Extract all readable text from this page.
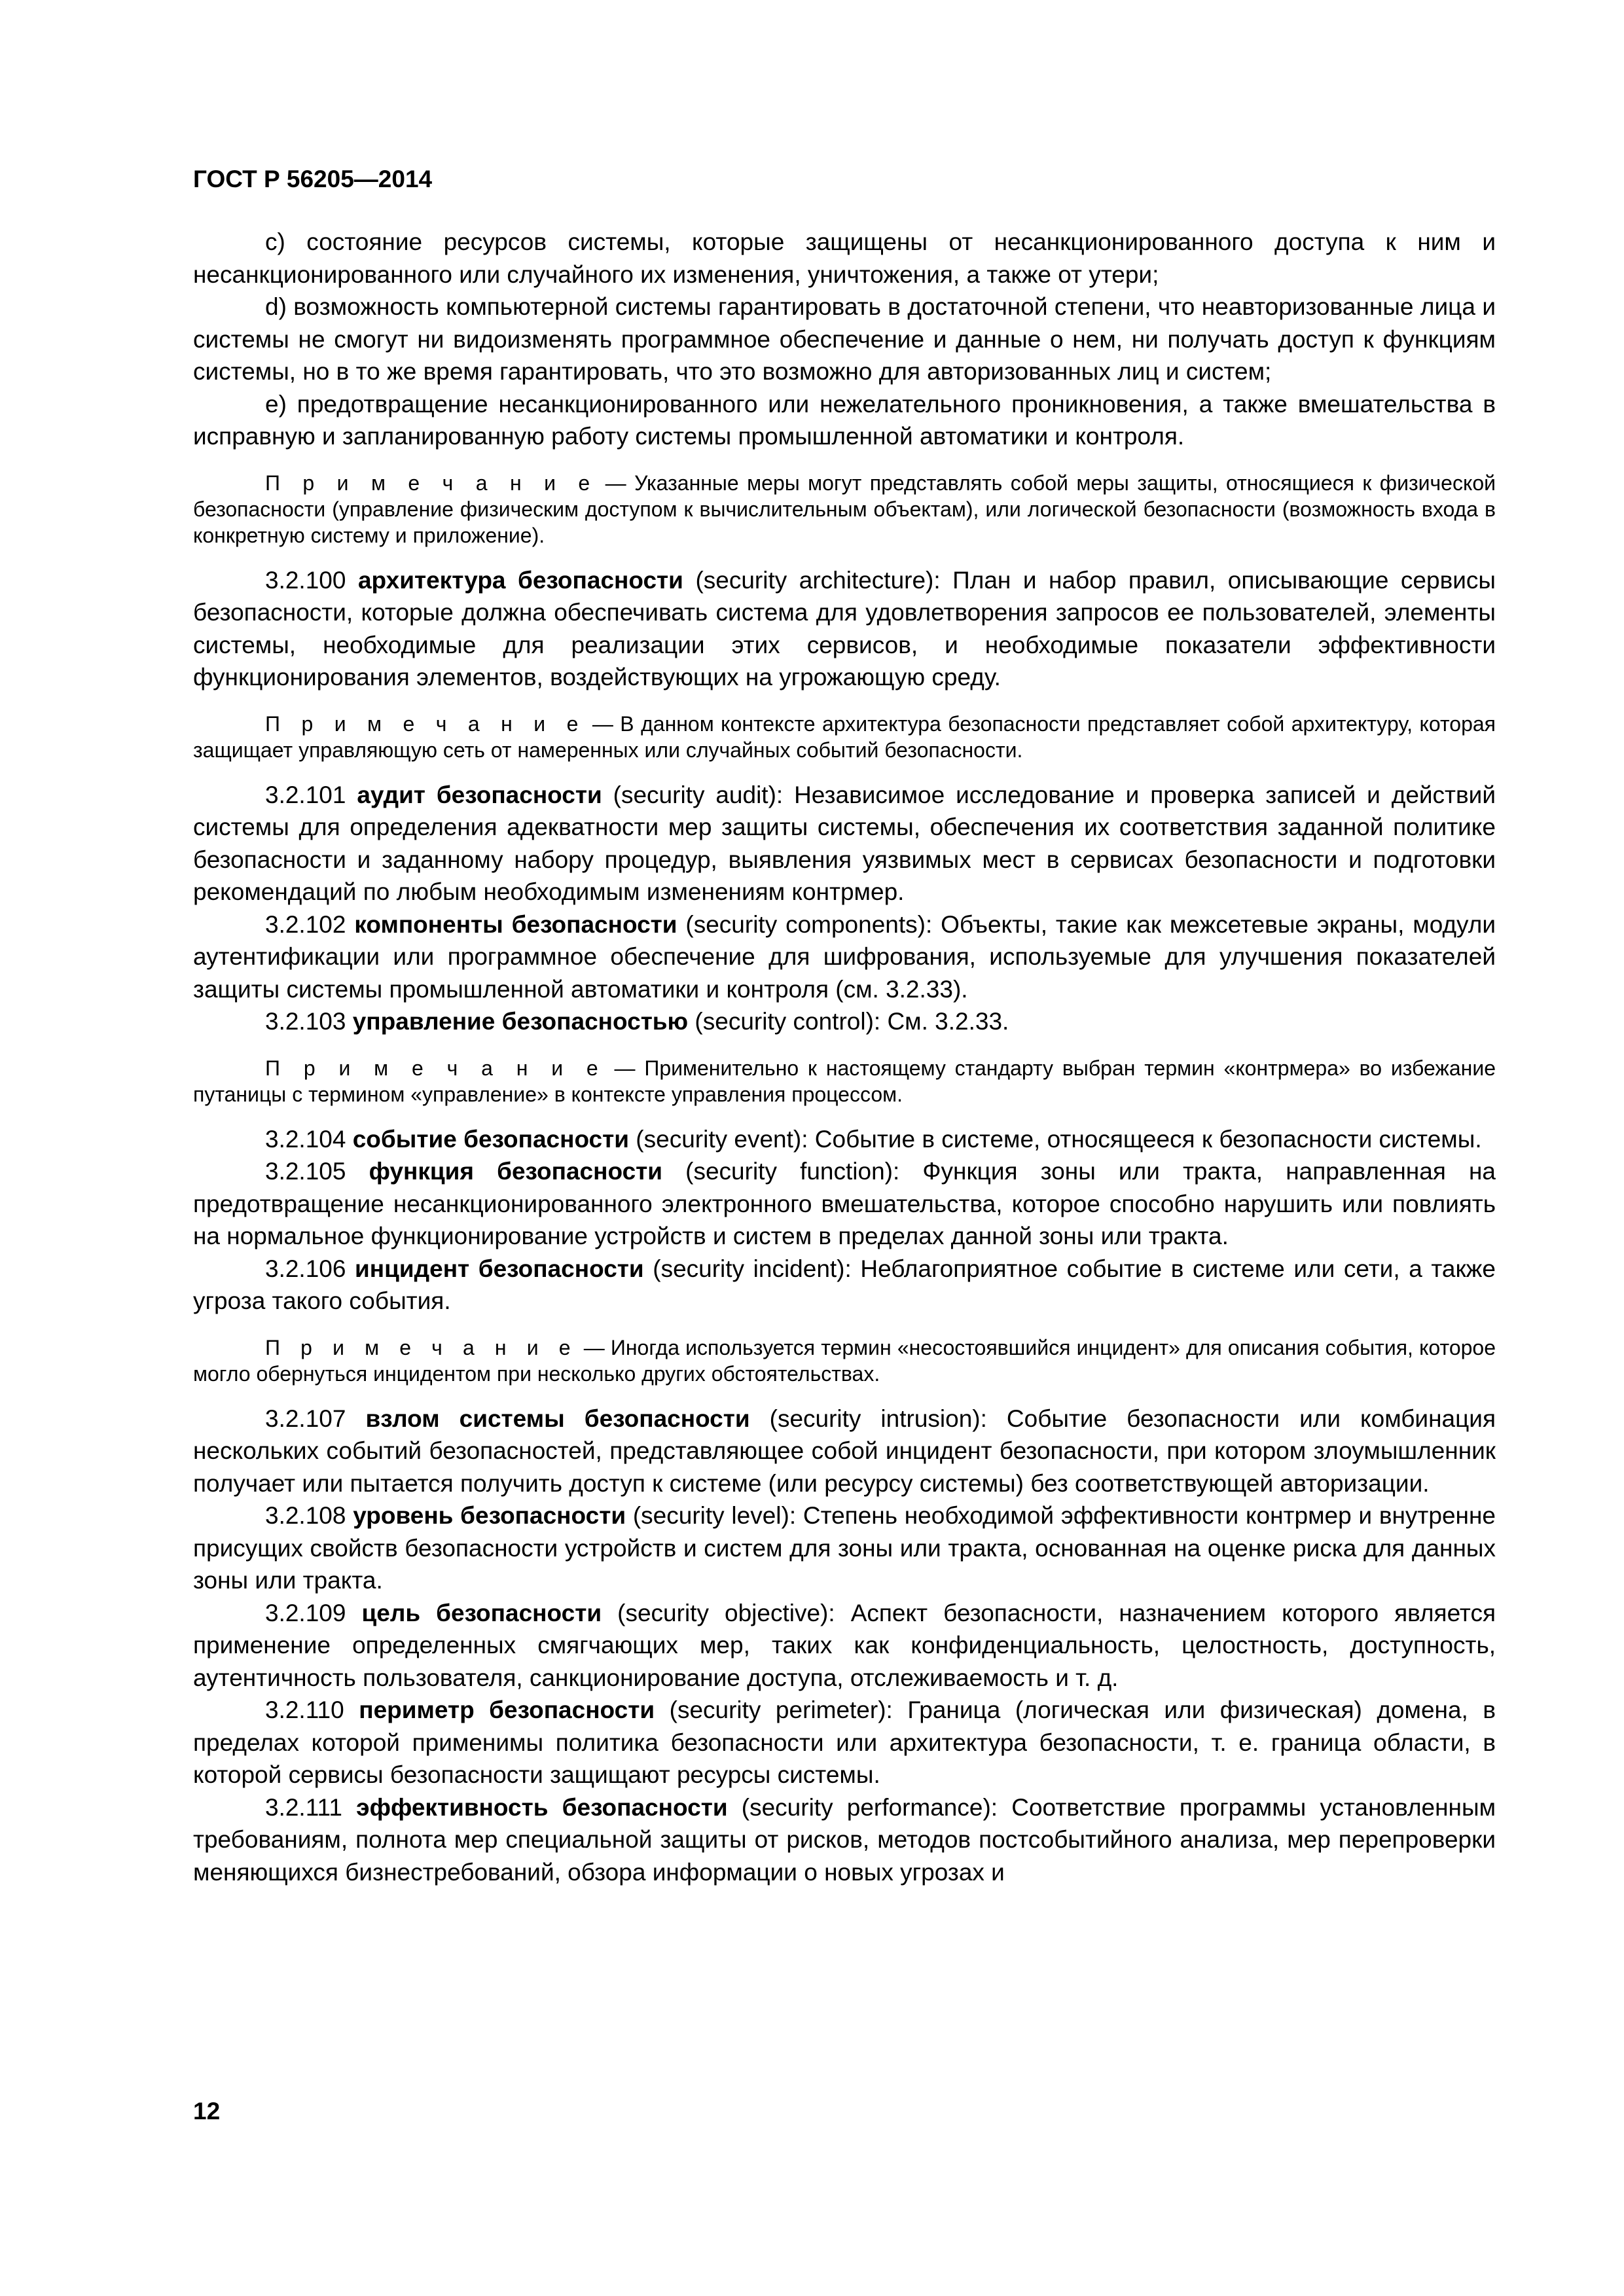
ГОСТ Р 56205—2014

c) состояние ресурсов системы, которые защищены от несанкционированного доступа к ним и несанкционированного или случайного их изменения, уничтожения, а также от утери;

d) возможность компьютерной системы гарантировать в достаточной степени, что неавторизованные лица и системы не смогут ни видоизменять программное обеспечение и данные о нем, ни получать доступ к функциям системы, но в то же время гарантировать, что это возможно для авторизованных лиц и систем;

e) предотвращение несанкционированного или нежелательного проникновения, а также вмешательства в исправную и запланированную работу системы промышленной автоматики и контроля.

П р и м е ч а н и е — Указанные меры могут представлять собой меры защиты, относящиеся к физической безопасности (управление физическим доступом к вычислительным объектам), или логической безопасности (возможность входа в конкретную систему и приложение).

3.2.100 архитектура безопасности (security architecture): План и набор правил, описывающие сервисы безопасности, которые должна обеспечивать система для удовлетворения запросов ее пользователей, элементы системы, необходимые для реализации этих сервисов, и необходимые показатели эффективности функционирования элементов, воздействующих на угрожающую среду.

П р и м е ч а н и е — В данном контексте архитектура безопасности представляет собой архитектуру, которая защищает управляющую сеть от намеренных или случайных событий безопасности.

3.2.101 аудит безопасности (security audit): Независимое исследование и проверка записей и действий системы для определения адекватности мер защиты системы, обеспечения их соответствия заданной политике безопасности и заданному набору процедур, выявления уязвимых мест в сервисах безопасности и подготовки рекомендаций по любым необходимым изменениям контрмер.

3.2.102 компоненты безопасности (security components): Объекты, такие как межсетевые экраны, модули аутентификации или программное обеспечение для шифрования, используемые для улучшения показателей защиты системы промышленной автоматики и контроля (см. 3.2.33).

3.2.103 управление безопасностью (security control): См. 3.2.33.

П р и м е ч а н и е — Применительно к настоящему стандарту выбран термин «контрмера» во избежание путаницы с термином «управление» в контексте управления процессом.

3.2.104 событие безопасности (security event): Событие в системе, относящееся к безопасности системы.

3.2.105 функция безопасности (security function): Функция зоны или тракта, направленная на предотвращение несанкционированного электронного вмешательства, которое способно нарушить или повлиять на нормальное функционирование устройств и систем в пределах данной зоны или тракта.

3.2.106 инцидент безопасности (security incident): Неблагоприятное событие в системе или сети, а также угроза такого события.

П р и м е ч а н и е — Иногда используется термин «несостоявшийся инцидент» для описания события, которое могло обернуться инцидентом при несколько других обстоятельствах.

3.2.107 взлом системы безопасности (security intrusion): Событие безопасности или комбинация нескольких событий безопасностей, представляющее собой инцидент безопасности, при котором злоумышленник получает или пытается получить доступ к системе (или ресурсу системы) без соответствующей авторизации.

3.2.108 уровень безопасности (security level): Степень необходимой эффективности контрмер и внутренне присущих свойств безопасности устройств и систем для зоны или тракта, основанная на оценке риска для данных зоны или тракта.

3.2.109 цель безопасности (security objective): Аспект безопасности, назначением которого является применение определенных смягчающих мер, таких как конфиденциальность, целостность, доступность, аутентичность пользователя, санкционирование доступа, отслеживаемость и т. д.

3.2.110 периметр безопасности (security perimeter): Граница (логическая или физическая) домена, в пределах которой применимы политика безопасности или архитектура безопасности, т. е. граница области, в которой сервисы безопасности защищают ресурсы системы.

3.2.111 эффективность безопасности (security performance): Соответствие программы установленным требованиям, полнота мер специальной защиты от рисков, методов постсобытийного анализа, мер перепроверки меняющихся бизнестребований, обзора информации о новых угрозах и

12
